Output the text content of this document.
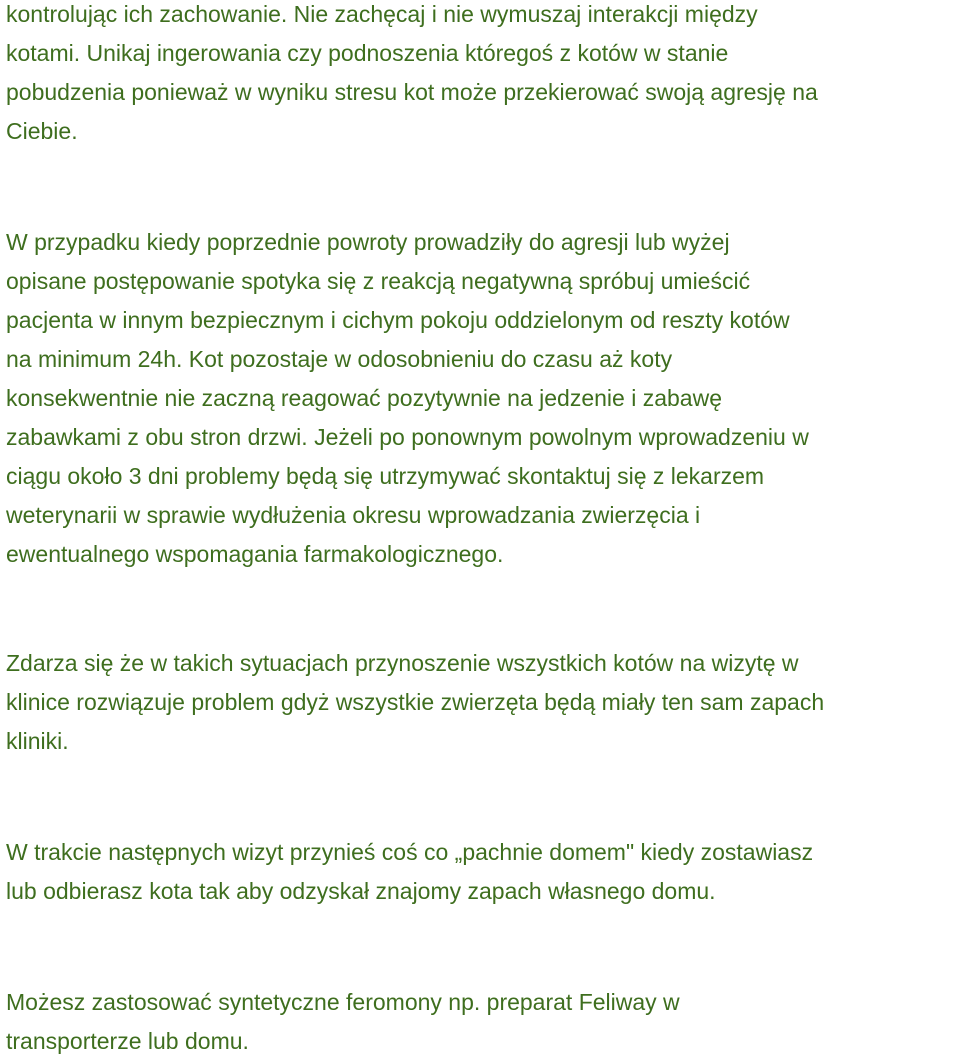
kontrolując ich zachowanie. Nie zachęcaj i nie wymuszaj interakcji między
kotami. Unikaj ingerowania czy podnoszenia któregoś z kotów w stanie
pobudzenia ponieważ w wyniku stresu kot może przekierować swoją agresję na
Ciebie.
W przypadku kiedy poprzednie powroty prowadziły do agresji lub wyżej
opisane postępowanie spotyka się z reakcją negatywną spróbuj umieścić
pacjenta w innym bezpiecznym i cichym pokoju oddzielonym od reszty kotów
na minimum 24h. Kot pozostaje w odosobnieniu do czasu aż koty
konsekwentnie nie zaczną reagować pozytywnie na jedzenie i zabawę
zabawkami z obu stron drzwi. Jeżeli po ponownym powolnym wprowadzeniu w
ciągu około 3 dni problemy będą się utrzymywać skontaktuj się z lekarzem
weterynarii w sprawie wydłużenia okresu wprowadzania zwierzęcia i
ewentualnego wspomagania farmakologicznego.
Zdarza się że w takich sytuacjach przynoszenie wszystkich kotów na wizytę w
klinice rozwiązuje problem gdyż wszystkie zwierzęta będą miały ten sam zapach
kliniki.
W trakcie następnych wizyt przynieś coś co „pachnie domem" kiedy zostawiasz
lub odbierasz kota tak aby odzyskał znajomy zapach własnego domu.
Możesz zastosować syntetyczne feromony np. preparat Feliway w
transporterze lub domu.
